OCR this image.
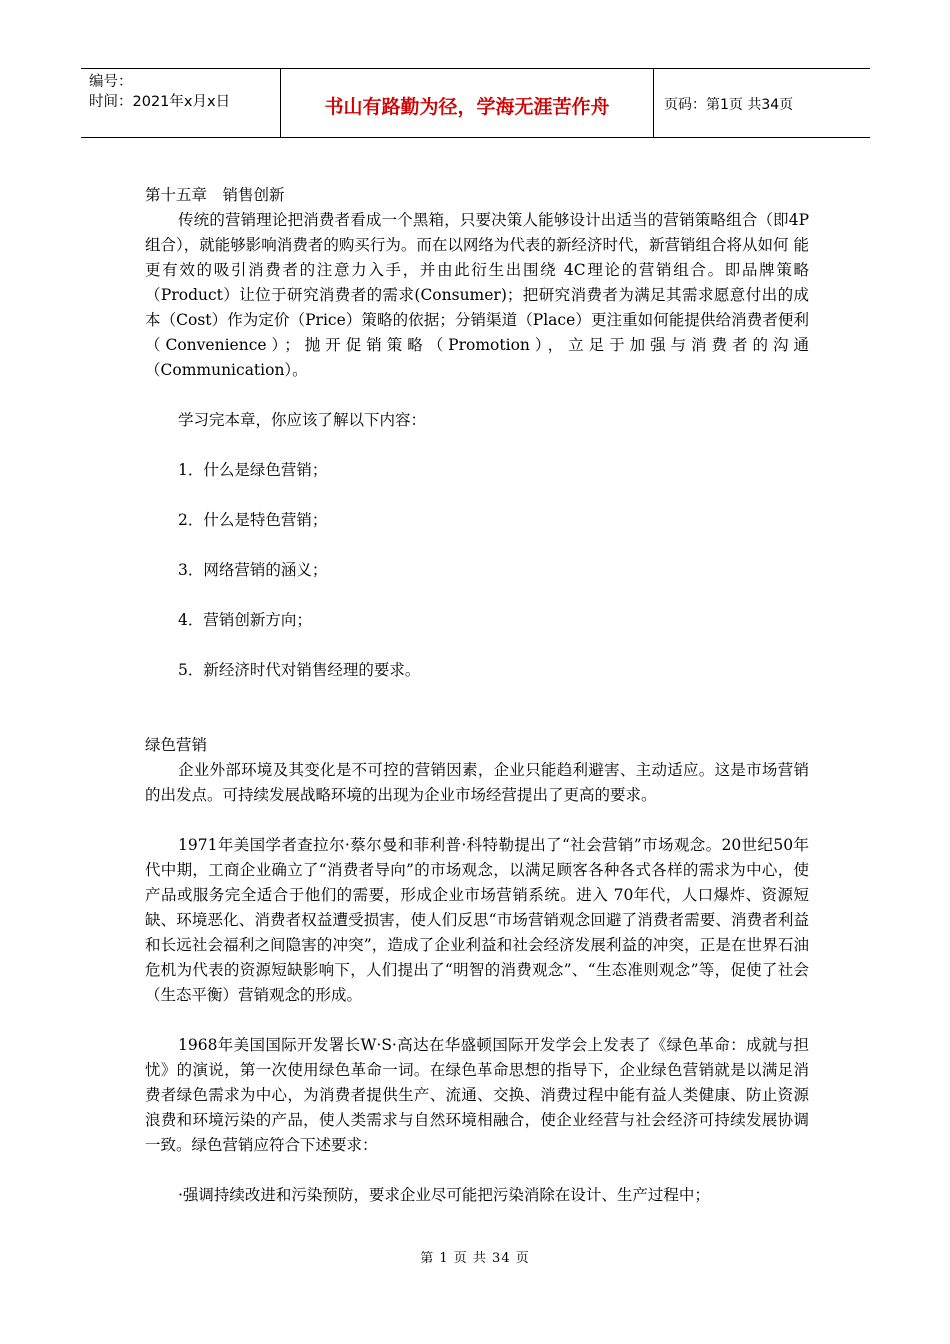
编号：
时间：2021年x月x日	书山有路勤为径，学海无涯苦作舟	页码：第1页 共34页

第十五章　销售创新

传统的营销理论把消费者看成一个黑箱，只要决策人能够设计出适当的营销策略组合（即4P组合），就能够影响消费者的购买行为。而在以网络为代表的新经济时代，新营销组合将从如何 能更有效的吸引消费者的注意力入手，并由此衍生出围绕 4C理论的营销组合。即品牌策略（Product）让位于研究消费者的需求(Consumer)；把研究消费者为满足其需求愿意付出的成本（Cost）作为定价（Price）策略的依据；分销渠道（Place）更注重如何能提供给消费者便利（Convenience）；抛开促销策略（Promotion），立足于加强与消费者的沟通（Communication）。

学习完本章，你应该了解以下内容：

1．什么是绿色营销；

2．什么是特色营销；

3．网络营销的涵义；

4．营销创新方向；

5．新经济时代对销售经理的要求。

绿色营销

企业外部环境及其变化是不可控的营销因素，企业只能趋利避害、主动适应。这是市场营销的出发点。可持续发展战略环境的出现为企业市场经营提出了更高的要求。

1971年美国学者查拉尔·蔡尔曼和菲利普·科特勒提出了“社会营销”市场观念。20世纪50年代中期，工商企业确立了“消费者导向”的市场观念，以满足顾客各种各式各样的需求为中心，使产品或服务完全适合于他们的需要，形成企业市场营销系统。进入 70年代，人口爆炸、资源短缺、环境恶化、消费者权益遭受损害，使人们反思“市场营销观念回避了消费者需要、消费者利益和长远社会福利之间隐害的冲突”，造成了企业利益和社会经济发展利益的冲突，正是在世界石油危机为代表的资源短缺影响下，人们提出了“明智的消费观念”、“生态准则观念”等，促使了社会（生态平衡）营销观念的形成。

1968年美国国际开发署长W·S·高达在华盛顿国际开发学会上发表了《绿色革命：成就与担忧》的演说，第一次使用绿色革命一词。在绿色革命思想的指导下，企业绿色营销就是以满足消费者绿色需求为中心，为消费者提供生产、流通、交换、消费过程中能有益人类健康、防止资源浪费和环境污染的产品，使人类需求与自然环境相融合，使企业经营与社会经济可持续发展协调一致。绿色营销应符合下述要求：

·强调持续改进和污染预防，要求企业尽可能把污染消除在设计、生产过程中；

第 1 页 共 34 页
